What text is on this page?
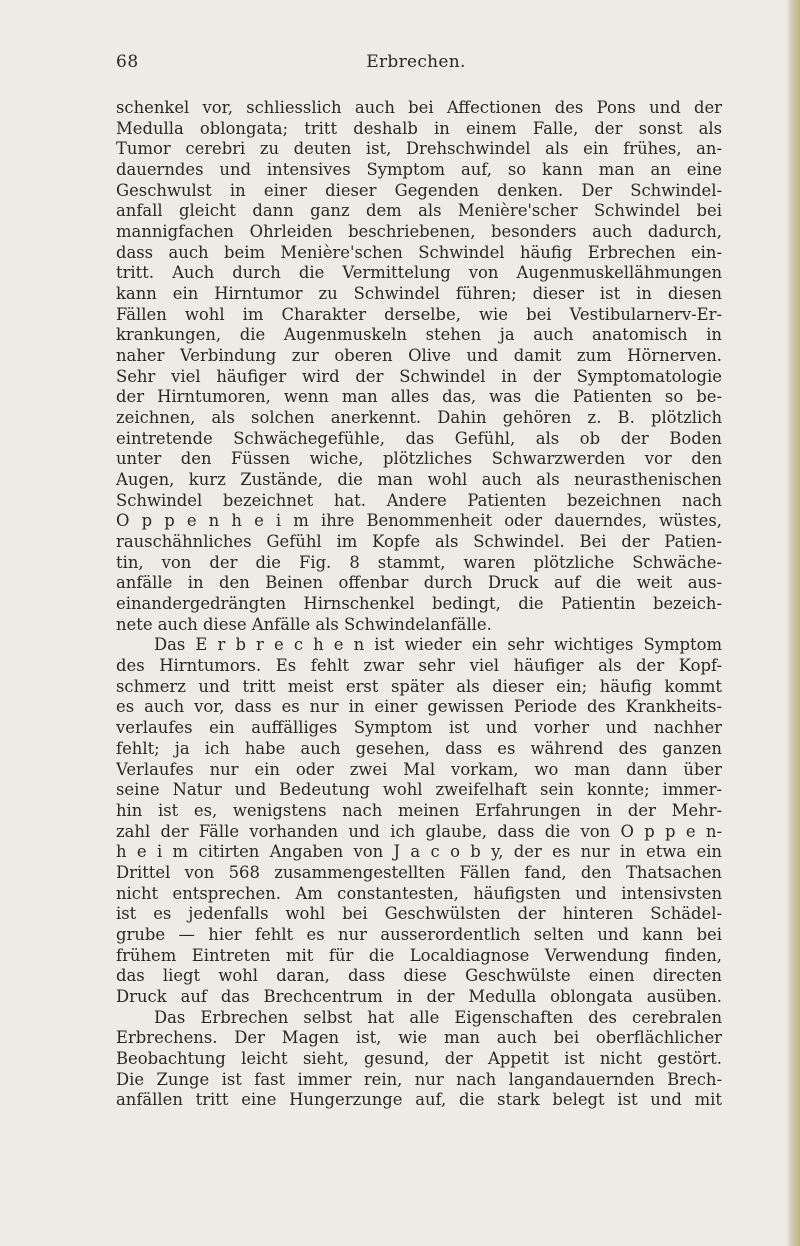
68	Erbrechen.
schenkel vor, schliesslich auch bei Affectionen des Pons und der
Medulla oblongata; tritt deshalb in einem Falle, der sonst als
Tumor cerebri zu deuten ist, Drehschwindel als ein frühes, an-
dauerndes und intensives Symptom auf, so kann man an eine
Geschwulst in einer dieser Gegenden denken. Der Schwindel-
anfall gleicht dann ganz dem als Menière'scher Schwindel bei
mannigfachen Ohrleiden beschriebenen, besonders auch dadurch,
dass auch beim Menière'schen Schwindel häufig Erbrechen ein-
tritt. Auch durch die Vermittelung von Augenmuskellähmungen
kann ein Hirntumor zu Schwindel führen; dieser ist in diesen
Fällen wohl im Charakter derselbe, wie bei Vestibularnerv-Er-
krankungen, die Augenmuskeln stehen ja auch anatomisch in
naher Verbindung zur oberen Olive und damit zum Hörnerven.
Sehr viel häufiger wird der Schwindel in der Symptomatologie
der Hirntumoren, wenn man alles das, was die Patienten so be-
zeichnen, als solchen anerkennt. Dahin gehören z. B. plötzlich
eintretende Schwächegefühle, das Gefühl, als ob der Boden
unter den Füssen wiche, plötzliches Schwarzwerden vor den
Augen, kurz Zustände, die man wohl auch als neurasthenischen
Schwindel bezeichnet hat. Andere Patienten bezeichnen nach
O p p e n h e i m ihre Benommenheit oder dauerndes, wüstes,
rauschähnliches Gefühl im Kopfe als Schwindel. Bei der Patien-
tin, von der die Fig. 8 stammt, waren plötzliche Schwäche-
anfälle in den Beinen offenbar durch Druck auf die weit aus-
einandergedrängten Hirnschenkel bedingt, die Patientin bezeich-
nete auch diese Anfälle als Schwindelanfälle.
Das E r b r e c h e n ist wieder ein sehr wichtiges Symptom
des Hirntumors. Es fehlt zwar sehr viel häufiger als der Kopf-
schmerz und tritt meist erst später als dieser ein; häufig kommt
es auch vor, dass es nur in einer gewissen Periode des Krankheits-
verlaufes ein auffälliges Symptom ist und vorher und nachher
fehlt; ja ich habe auch gesehen, dass es während des ganzen
Verlaufes nur ein oder zwei Mal vorkam, wo man dann über
seine Natur und Bedeutung wohl zweifelhaft sein konnte; immer-
hin ist es, wenigstens nach meinen Erfahrungen in der Mehr-
zahl der Fälle vorhanden und ich glaube, dass die von O p p e n-
h e i m citirten Angaben von J a c o b y, der es nur in etwa ein
Drittel von 568 zusammengestellten Fällen fand, den Thatsachen
nicht entsprechen. Am constantesten, häufigsten und intensivsten
ist es jedenfalls wohl bei Geschwülsten der hinteren Schädel-
grube — hier fehlt es nur ausserordentlich selten und kann bei
frühem Eintreten mit für die Localdiagnose Verwendung finden,
das liegt wohl daran, dass diese Geschwülste einen directen
Druck auf das Brechcentrum in der Medulla oblongata ausüben.
Das Erbrechen selbst hat alle Eigenschaften des cerebralen
Erbrechens. Der Magen ist, wie man auch bei oberflächlicher
Beobachtung leicht sieht, gesund, der Appetit ist nicht gestört.
Die Zunge ist fast immer rein, nur nach langandauernden Brech-
anfällen tritt eine Hungerzunge auf, die stark belegt ist und mit
